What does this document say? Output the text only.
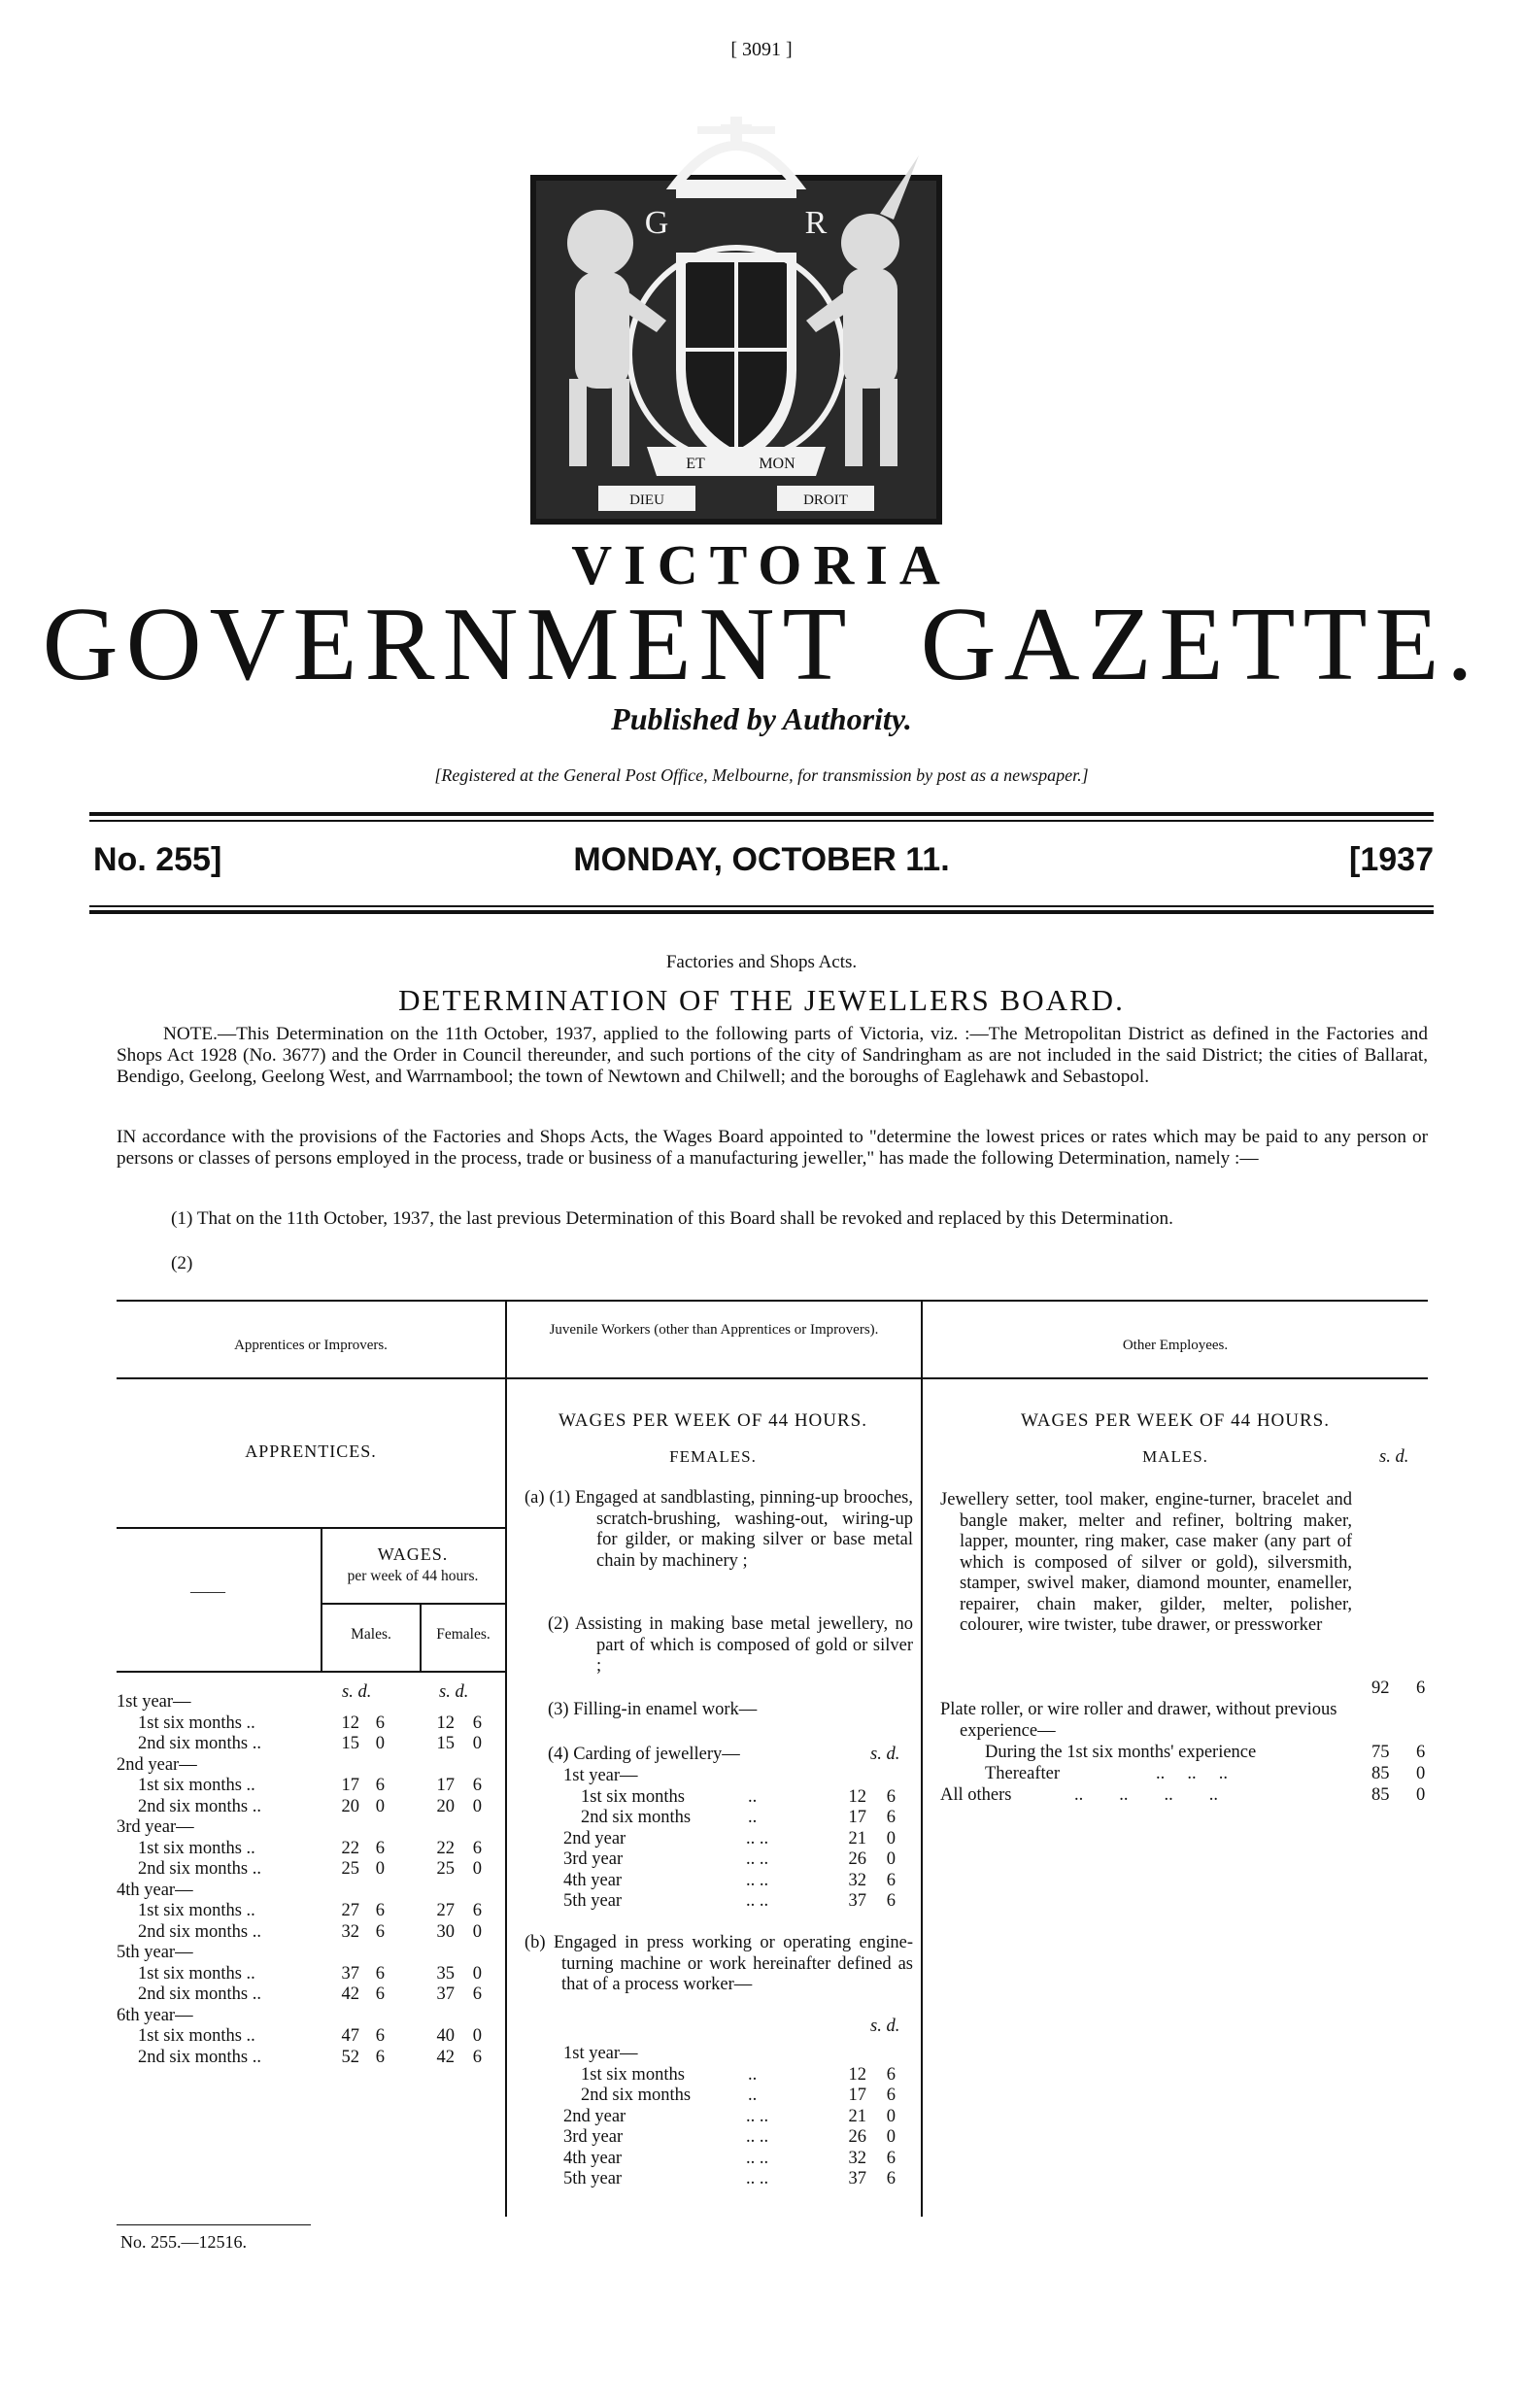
[ 3091 ]
DIEU	DROIT
ET	MON
G	R
VICTORIA
GOVERNMENT  GAZETTE.
Published by Authority.
[Registered at the General Post Office, Melbourne, for transmission by post as a newspaper.]
No. 255]	MONDAY, OCTOBER 11.	[1937
Factories and Shops Acts.
DETERMINATION OF THE JEWELLERS BOARD.
NOTE.—This Determination on the 11th October, 1937, applied to the following parts of Victoria, viz. :—The Metropolitan District as defined in the Factories and Shops Act 1928 (No. 3677) and the Order in Council thereunder, and such portions of the city of Sandringham as are not included in the said District; the cities of Ballarat, Bendigo, Geelong, Geelong West, and Warrnambool; the town of Newtown and Chilwell; and the boroughs of Eaglehawk and Sebastopol.
IN accordance with the provisions of the Factories and Shops Acts, the Wages Board appointed to "determine the lowest prices or rates which may be paid to any person or persons or classes of persons employed in the process, trade or business of a manufacturing jeweller," has made the following Determination, namely :—
(1) That on the 11th October, 1937, the last previous Determination of this Board shall be revoked and replaced by this Determination.
(2)
Apprentices or Improvers.
Juvenile Workers (other than Apprentices or Improvers).
Other Employees.
APPRENTICES.
——
WAGES.
per week of 44 hours.
Males.	Females.
s. d.	s. d.
1st year—
1st six months ..	12 6	12	6
2nd six months ..	15 0	15	0
2nd year—
1st six months ..	17 6	17	6
2nd six months ..	20 0	20	0
3rd year—
1st six months ..	22 6	22	6
2nd six months ..	25 0	25	0
4th year—
1st six months ..	27 6	27	6
2nd six months ..	32 6	30	0
5th year—
1st six months ..	37 6	35	0
2nd six months ..	42 6	37	6
6th year—
1st six months ..	47 6	40	0
2nd six months ..	52 6	42	6
WAGES PER WEEK OF 44 HOURS.
FEMALES.
(a) (1) Engaged at sandblasting, pinning-up brooches, scratch-brushing, washing-out, wiring-up for gilder, or making silver or base metal chain by machinery ;
(2) Assisting in making base metal jewellery, no part of which is composed of gold or silver ;
(3) Filling-in enamel work—
(4) Carding of jewellery—	s. d.
1st year—
1st six months	..	12	6
2nd six months	..	17	6
2nd year	.. ..	21	0
3rd year	.. ..	26	0
4th year	.. ..	32	6
5th year	.. ..	37	6
(b) Engaged in press working or operating engine-turning machine or work hereinafter defined as that of a process worker—
s. d.
1st year—
1st six months	..	12	6
2nd six months	..	17	6
2nd year	.. ..	21	0
3rd year	.. ..	26	0
4th year	.. ..	32	6
5th year	.. ..	37	6
WAGES PER WEEK OF 44 HOURS.
MALES.	s. d.
Jewellery setter, tool maker, engine-turner, bracelet and bangle maker, melter and refiner, boltring maker, lapper, mounter, ring maker, case maker (any part of which is composed of silver or gold), silversmith, stamper, swivel maker, diamond mounter, enameller, repairer, chain maker, gilder, melter, polisher, colourer, wire twister, tube drawer, or pressworker
92 6
Plate roller, or wire roller and drawer, without previous experience—
During the 1st six months' experience	75 6
Thereafter	..     ..     ..	85 0
All others	..        ..        ..        ..	85 0
No. 255.—12516.
